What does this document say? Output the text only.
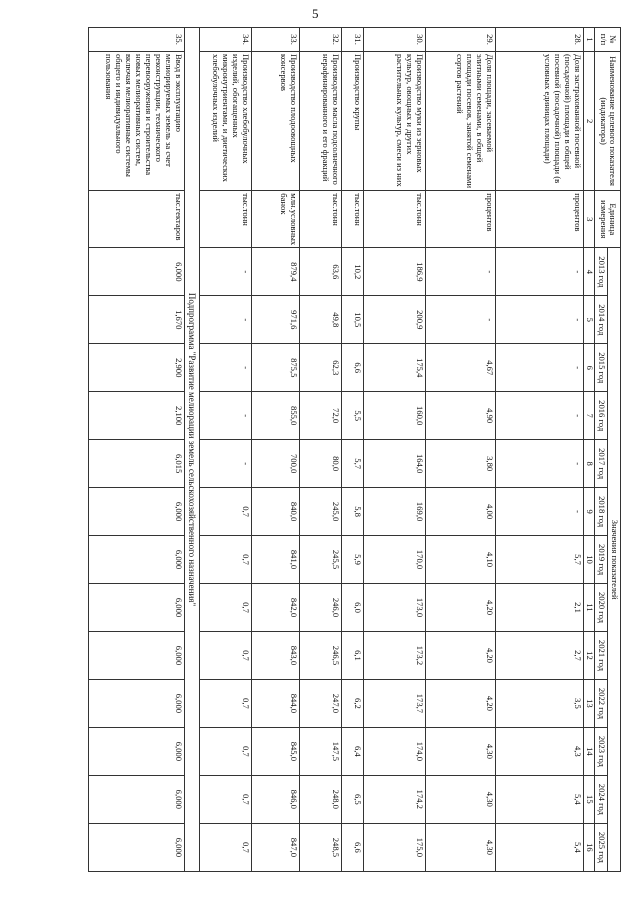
5
№
п/п	Наименование целевого показателя (индикатора)	Единица измерения	Значения показателей												
			2013 год	2014 год	2015 год	2016 год	2017 год	2018 год	2019 год	2020 год	2021 год	2022 год	2023 год	2024 год	2025 год
1	2	3	4	5	6	7	8	9	10	11	12	13	14	15	16
28.	Доля застрахованной посевной (посадочной) площади в общей посевной (посадочной) площади (в условных единицах площади)	процентов	-	-	-	-	-	-	5,7	2,1	2,7	3,5	4,3	5,4	5,4
29.	Доля площади, засеваемой элитными семенами, в общей площади посевов, занятой семенами сортов растений	процентов	-	-	4,67	4,90	3,80	4,00	4,10	4,20	4,20	4,20	4,30	4,30	4,30
30.	Производство муки из зерновых культур, овощных и других растительных культур, смеси из них	тыс.тонн	186,9	200,9	175,4	160,0	164,0	169,0	170,0	173,0	173,2	173,7	174,0	174,2	175,0
31.	Производство крупы	тыс.тонн	10,2	10,5	6,6	5,5	5,7	5,8	5,9	6,0	6,1	6,2	6,4	6,5	6,6
32.	Производство масла подсолнечного нерафинированного и его фракций	тыс.тонн	63,6	49,8	62,3	72,0	80,0	245,0	245,5	246,0	246,5	247,0	147,5	248,0	248,5
33.	Производство плодоовощных консервов	млн.условных банок	879,4	971,6	875,5	855,0	700,0	840,0	841,0	842,0	843,0	844,0	845,0	846,0	847,0
34.	Производство хлебобулочных изделий, обогащенных микронутриентами, и диетических хлебобулочных изделий	тыс.тонн	-	-	-	-	-	0,7	0,7	0,7	0,7	0,7	0,7	0,7	0,7
Подпрограмма "Развитие мелиорации земель сельскохозяйственного назначения"															
35.	Ввод в эксплуатацию мелиорируемых земель за счет реконструкции, технического перевооружения и строительства новых мелиоративных систем, включая мелиоративные системы общего и индивидуального пользования	тыс.гектаров	6,000	1,670	2,900	2,100	6,015	6,000	6,000	6,000	6,000	6,000	6,000	6,000	6,000
